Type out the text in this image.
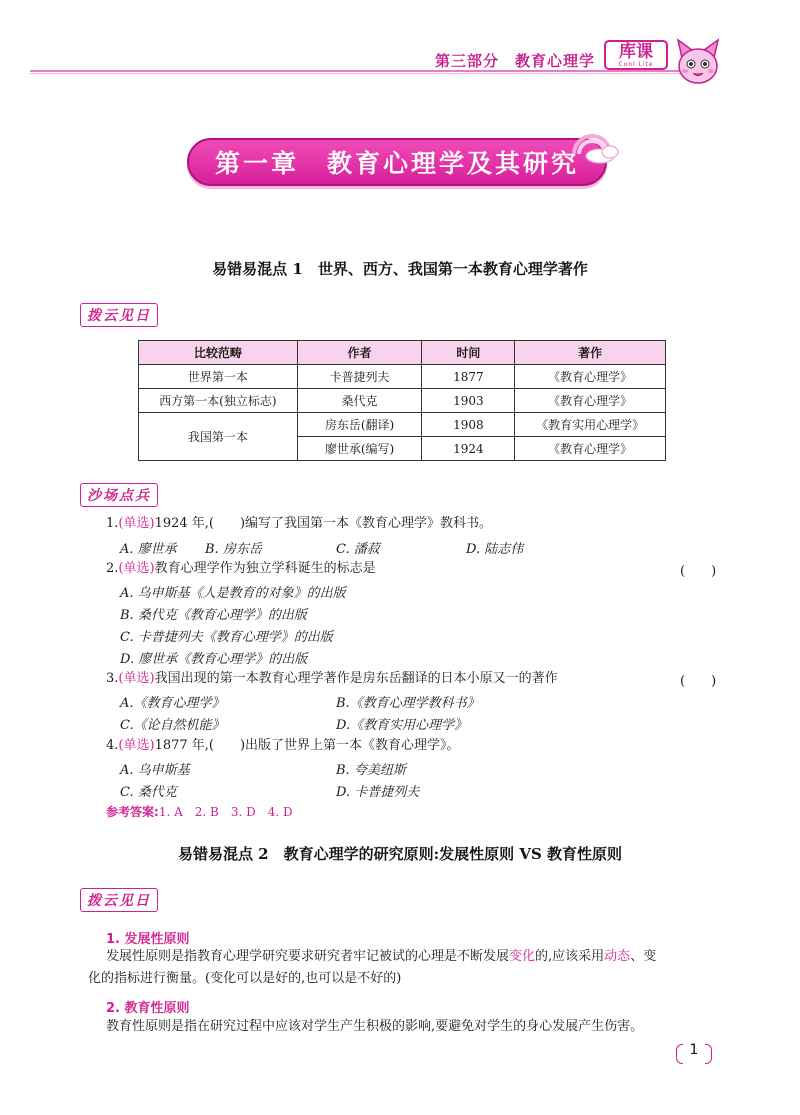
第三部分　教育心理学 库课
Cool Lite
第一章　教育心理学及其研究
易错易混点 1　世界、西方、我国第一本教育心理学著作
拨云见日
比较范畴	作者	时间	著作
世界第一本	卡普捷列夫	1877	《教育心理学》
西方第一本(独立标志)	桑代克	1903	《教育心理学》
我国第一本	房东岳(翻译)	1908	《教育实用心理学》
	廖世承(编写)	1924	《教育心理学》
沙场点兵
1.(单选)1924 年,(　　)编写了我国第一本《教育心理学》教科书。
A. 廖世承 B. 房东岳	C. 潘菽	D. 陆志伟
2.(单选)教育心理学作为独立学科诞生的标志是	(　　)
A. 乌申斯基《人是教育的对象》的出版
B. 桑代克《教育心理学》的出版
C. 卡普捷列夫《教育心理学》的出版
D. 廖世承《教育心理学》的出版
3.(单选)我国出现的第一本教育心理学著作是房东岳翻译的日本小原又一的著作	(　　)
A.《教育心理学》	B.《教育心理学教科书》
C.《论自然机能》	D.《教育实用心理学》
4.(单选)1877 年,(　　)出版了世界上第一本《教育心理学》。
A. 乌申斯基	B. 夸美纽斯
C. 桑代克	D. 卡普捷列夫
参考答案:1. A　2. B　3. D　4. D
易错易混点 2　教育心理学的研究原则:发展性原则 VS 教育性原则
拨云见日
1. 发展性原则
发展性原则是指教育心理学研究要求研究者牢记被试的心理是不断发展变化的,应该采用动态、变
化的指标进行衡量。(变化可以是好的,也可以是不好的)
2. 教育性原则
教育性原则是指在研究过程中应该对学生产生积极的影响,要避免对学生的身心发展产生伤害。
1
